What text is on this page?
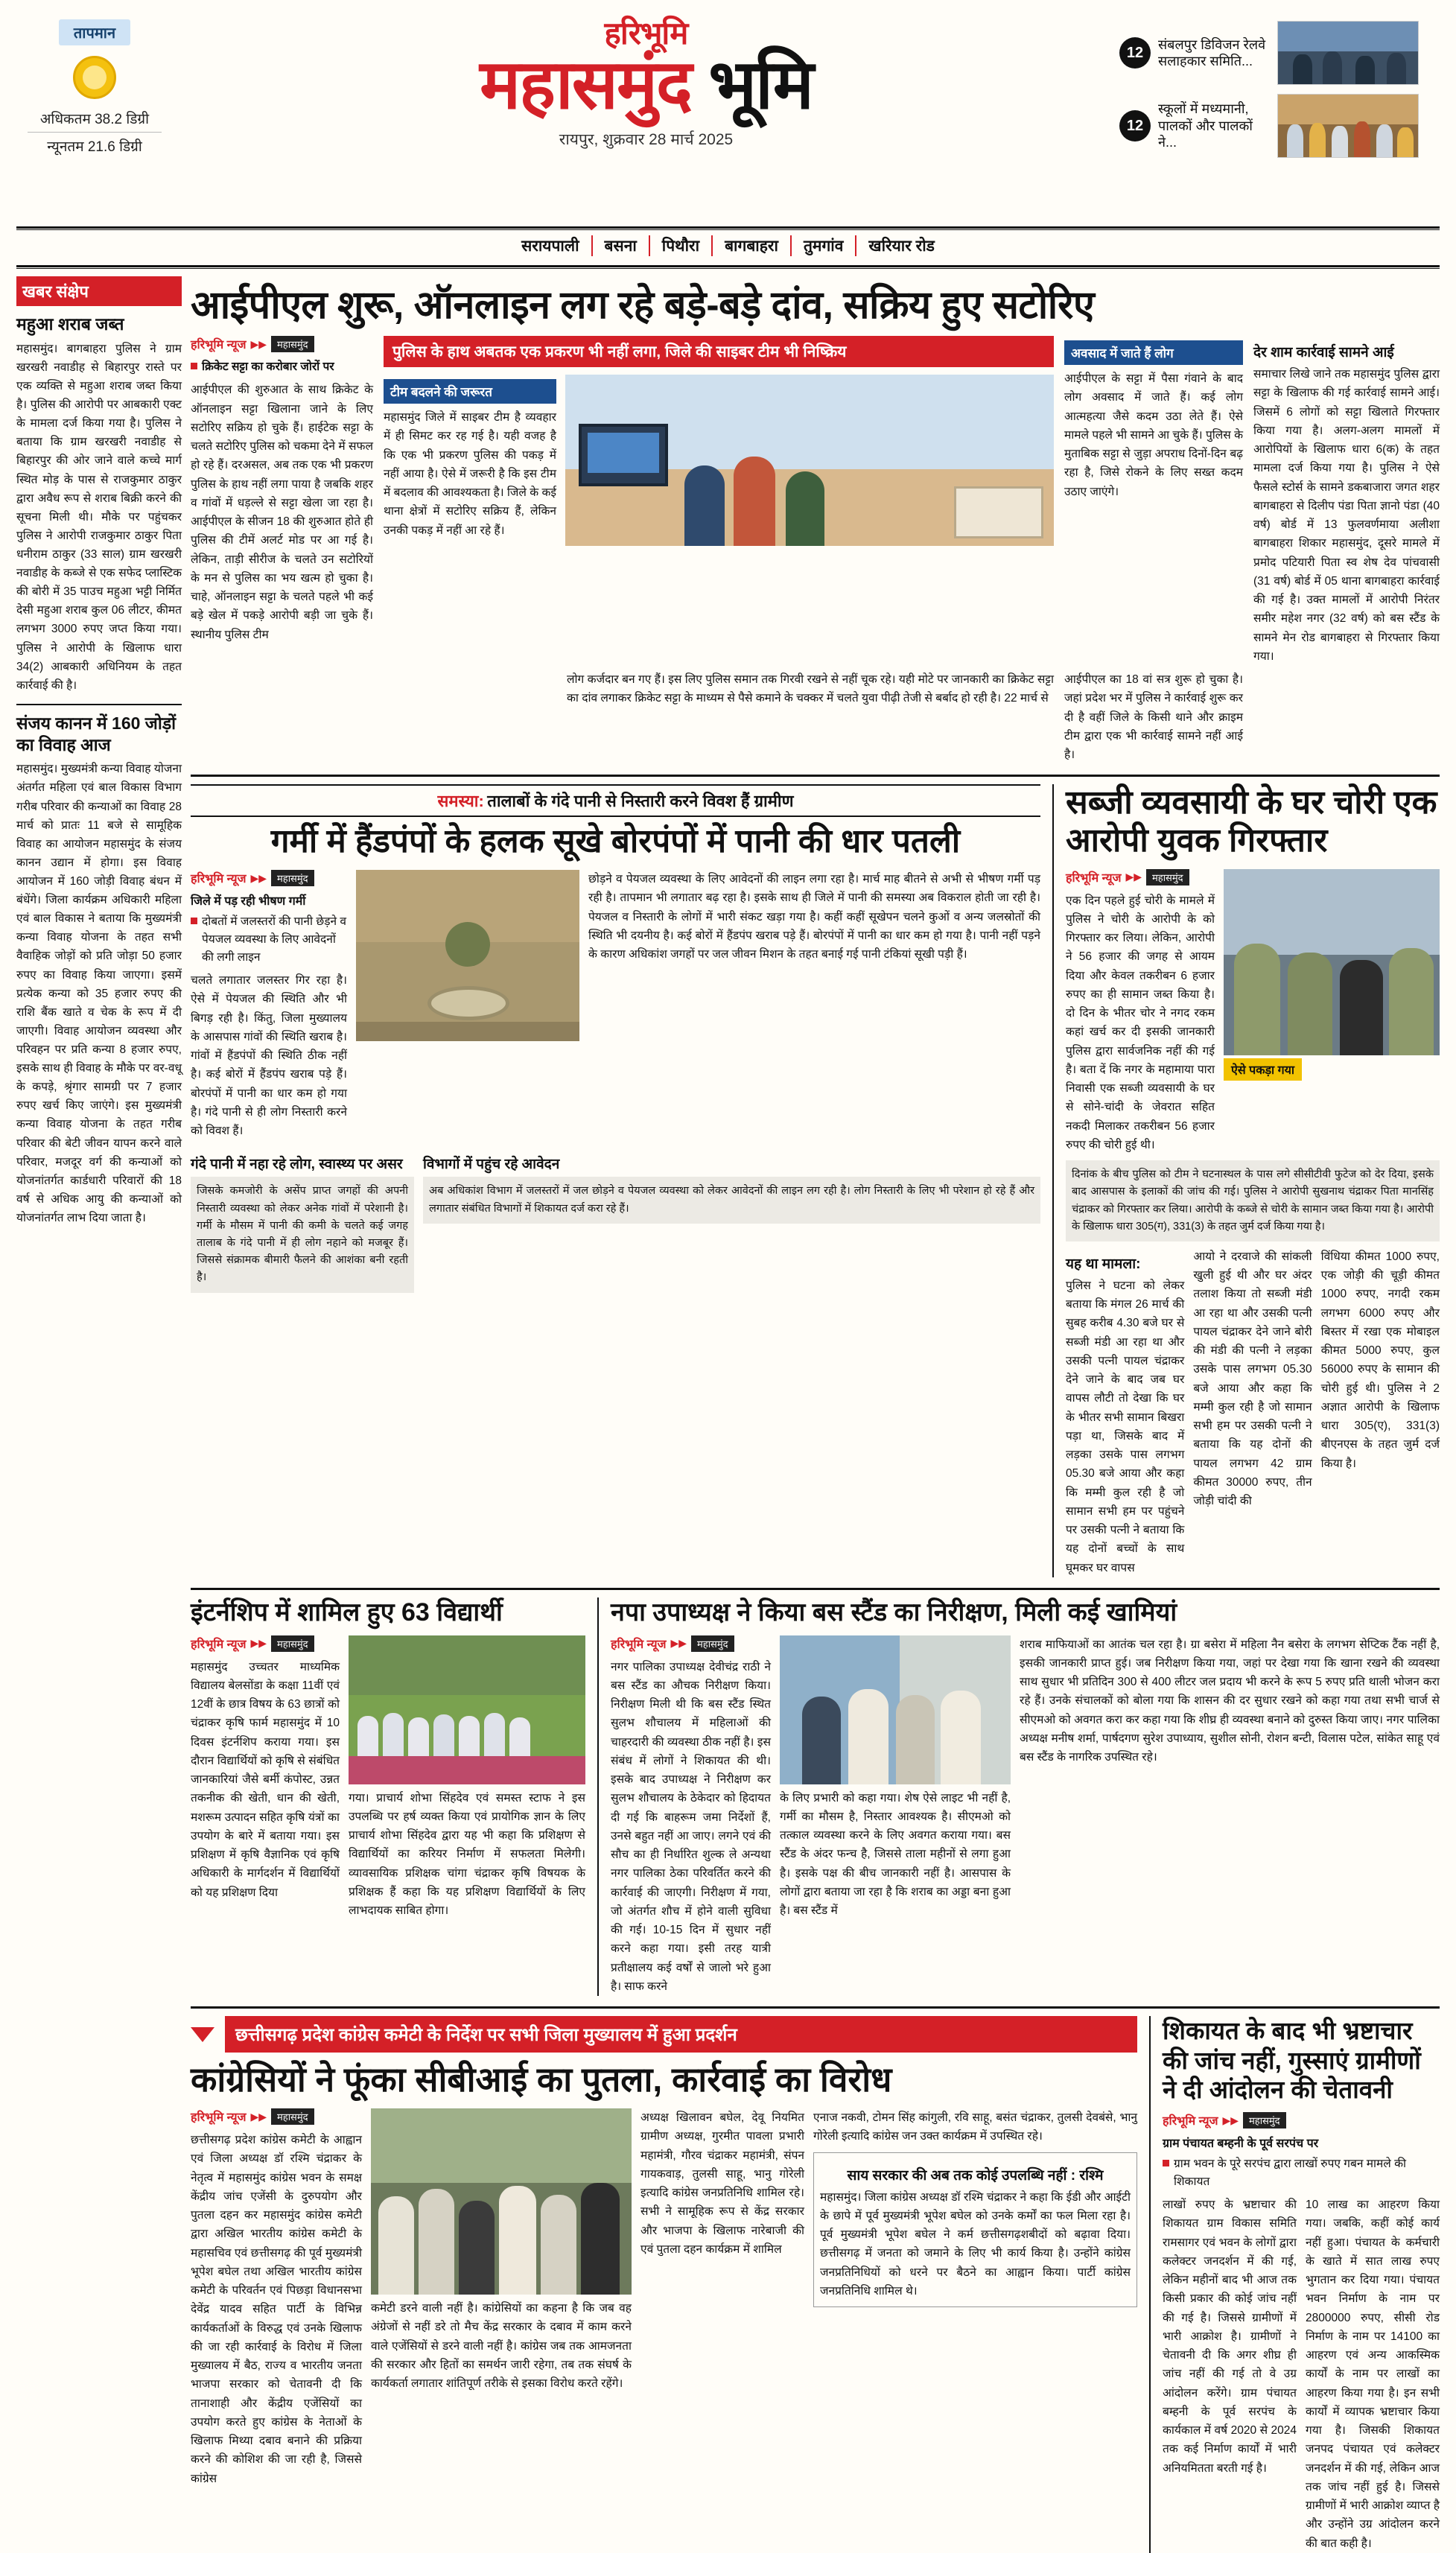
तापमान
अधिकतम 38.2 डिग्री
न्यूनतम 21.6 डिग्री
हरिभूमि
महासमुंद भूमि
रायपुर, शुक्रवार 28 मार्च 2025
12	संबलपुर डिविजन रेलवे सलाहकार समिति...
12
स्कूलों में मध्यमानी, पालकों और पालकों ने...
सरायपाली	बसना	पिथौरा	बागबाहरा	तुमगांव	खरियार रोड
खबर संक्षेप
महुआ शराब जब्त
महासमुंद। बागबाहरा पुलिस ने ग्राम खरखरी नवाडीह से बिहारपुर रास्ते पर एक व्यक्ति से महुआ शराब जब्त किया है। पुलिस की आरोपी पर आबकारी एक्ट के मामला दर्ज किया गया है। पुलिस ने बताया कि ग्राम खरखरी नवाडीह से बिहारपुर की ओर जाने वाले कच्चे मार्ग स्थित मोड़ के पास से राजकुमार ठाकुर द्वारा अवैध रूप से शराब बिक्री करने की सूचना मिली थी। मौके पर पहुंचकर पुलिस ने आरोपी राजकुमार ठाकुर पिता धनीराम ठाकुर (33 साल) ग्राम खरखरी नवाडीह के कब्जे से एक सफेद प्लास्टिक की बोरी में 35 पाउच महुआ भट्टी निर्मित देसी महुआ शराब कुल 06 लीटर, कीमत लगभग 3000 रुपए जप्त किया गया। पुलिस ने आरोपी के खिलाफ धारा 34(2) आबकारी अधिनियम के तहत कार्रवाई की है।
संजय कानन में 160 जोड़ों का विवाह आज
महासमुंद। मुख्यमंत्री कन्या विवाह योजना अंतर्गत महिला एवं बाल विकास विभाग गरीब परिवार की कन्याओं का विवाह 28 मार्च को प्रातः 11 बजे से सामूहिक विवाह का आयोजन महासमुंद के संजय कानन उद्यान में होगा। इस विवाह आयोजन में 160 जोड़ी विवाह बंधन में बंधेंगे। जिला कार्यक्रम अधिकारी महिला एवं बाल विकास ने बताया कि मुख्यमंत्री कन्या विवाह योजना के तहत सभी वैवाहिक जोड़ों को प्रति जोड़ा 50 हजार रुपए का विवाह किया जाएगा। इसमें प्रत्येक कन्या को 35 हजार रुपए की राशि बैंक खाते व चेक के रूप में दी जाएगी। विवाह आयोजन व्यवस्था और परिवहन पर प्रति कन्या 8 हजार रुपए, इसके साथ ही विवाह के मौके पर वर-वधू के कपड़े, श्रृंगार सामग्री पर 7 हजार रुपए खर्च किए जाएंगे। इस मुख्यमंत्री कन्या विवाह योजना के तहत गरीब परिवार की बेटी जीवन यापन करने वाले परिवार, मजदूर वर्ग की कन्याओं को योजनांतर्गत कार्डधारी परिवारों की 18 वर्ष से अधिक आयु की कन्याओं को योजनांतर्गत लाभ दिया जाता है।
आईपीएल शुरू, ऑनलाइन लग रहे बड़े-बड़े दांव, सक्रिय हुए सटोरिए
हरिभूमि न्यूज ▶▶	महासमुंद
क्रिकेट सट्टा का करोबार जोरों पर
आईपीएल की शुरुआत के साथ क्रिकेट के ऑनलाइन सट्टा खिलाना जाने के लिए सटोरिए सक्रिय हो चुके हैं। हाईटेक सट्टा के चलते सटोरिए पुलिस को चकमा देने में सफल हो रहे हैं। दरअसल, अब तक एक भी प्रकरण पुलिस के हाथ नहीं लगा पाया है जबकि शहर व गांवों में धड़ल्ले से सट्टा खेला जा रहा है। आईपीएल के सीजन 18 की शुरुआत होते ही पुलिस की टीमें अलर्ट मोड पर आ गई है। लेकिन, ताड़ी सीरीज के चलते उन सटोरियों के मन से पुलिस का भय खत्म हो चुका है। चाहे, ऑनलाइन सट्टा के चलते पहले भी कई बड़े खेल में पकड़े आरोपी बड़ी जा चुके हैं। स्थानीय पुलिस टीम
पुलिस के हाथ अबतक एक प्रकरण भी नहीं लगा, जिले की साइबर टीम भी निष्क्रिय
टीम बदलने की जरूरत
महासमुंद जिले में साइबर टीम है व्यवहार में ही सिमट कर रह गई है। यही वजह है कि एक भी प्रकरण पुलिस की पकड़ में नहीं आया है। ऐसे में जरूरी है कि इस टीम में बदलाव की आवश्यकता है। जिले के कई थाना क्षेत्रों में सटोरिए सक्रिय हैं, लेकिन उनकी पकड़ में नहीं आ रहे हैं।
अवसाद में जाते हैं लोग
आईपीएल के सट्टा में पैसा गंवाने के बाद लोग अवसाद में जाते हैं। कई लोग आत्महत्या जैसे कदम उठा लेते हैं। ऐसे मामले पहले भी सामने आ चुके हैं। पुलिस के मुताबिक सट्टा से जुड़ा अपराध दिनों-दिन बढ़ रहा है, जिसे रोकने के लिए सख्त कदम उठाए जाएंगे।
देर शाम कार्रवाई सामने आई
समाचार लिखे जाने तक महासमुंद पुलिस द्वारा सट्टा के खिलाफ की गई कार्रवाई सामने आई। जिसमें 6 लोगों को सट्टा खिलाते गिरफ्तार किया गया है। अलग-अलग मामलों में आरोपियों के खिलाफ धारा 6(क) के तहत मामला दर्ज किया गया है। पुलिस ने ऐसे फैसले स्टोर्स के सामने डकबाजारा जगत शहर बागबाहरा से दिलीप पंडा पिता ज्ञानो पंडा (40 वर्ष) बोर्ड में 13 फुलवर्णमाया अलीशा बागबाहरा शिकार महासमुंद, दूसरे मामले में प्रमोद पटियारी पिता स्व शेष देव पांचवासी (31 वर्ष) बोर्ड में 05 थाना बागबाहरा कार्रवाई की गई है। उक्त मामलों में आरोपी निरंतर समीर महेश नगर (32 वर्ष) को बस स्टैंड के सामने मेन रोड बागबाहरा से गिरफ्तार किया गया।
लोग कर्जदार बन गए हैं। इस लिए पुलिस समान तक गिरवी रखने से नहीं चूक रहे। यही मोटे पर जानकारी का क्रिकेट सट्टा का दांव लगाकर क्रिकेट सट्टा के माध्यम से पैसे कमाने के चक्कर में चलते युवा पीढ़ी तेजी से बर्बाद हो रही है। 22 मार्च से
आईपीएल का 18 वां सत्र शुरू हो चुका है। जहां प्रदेश भर में पुलिस ने कार्रवाई शुरू कर दी है वहीं जिले के किसी थाने और क्राइम टीम द्वारा एक भी कार्रवाई सामने नहीं आई है।
समस्या: तालाबों के गंदे पानी से निस्तारी करने विवश हैं ग्रामीण
गर्मी में हैंडपंपों के हलक सूखे बोरपंपों में पानी की धार पतली
हरिभूमि न्यूज ▶▶	महासमुंद
जिले में पड़ रही भीषण गर्मी
दोबतों में जलस्तरों की पानी छेड़ने व पेयजल व्यवस्था के लिए आवेदनों की लगी लाइन
चलते लगातार जलस्तर गिर रहा है। ऐसे में पेयजल की स्थिति और भी बिगड़ रही है। किंतु, जिला मुख्यालय के आसपास गांवों की स्थिति खराब है। गांवों में हैंडपंपों की स्थिति ठीक नहीं है। कई बोरों में हैंडपंप खराब पड़े हैं। बोरपंपों में पानी का धार कम हो गया है। गंदे पानी से ही लोग निस्तारी करने को विवश हैं।
छोड़ने व पेयजल व्यवस्था के लिए आवेदनों की लाइन लगा रहा है। मार्च माह बीतने से अभी से भीषण गर्मी पड़ रही है। तापमान भी लगातार बढ़ रहा है। इसके साथ ही जिले में पानी की समस्या अब विकराल होती जा रही है। पेयजल व निस्तारी के लोगों में भारी संकट खड़ा गया है। कहीं कहीं सूखेपन चलने कुओं व अन्य जलस्रोतों की स्थिति भी दयनीय है। कई बोरों में हैंडपंप खराब पड़े हैं। बोरपंपों में पानी का धार कम हो गया है। पानी नहीं पड़ने के कारण अधिकांश जगहों पर जल जीवन मिशन के तहत बनाई गई पानी टंकियां सूखी पड़ी हैं।
गंदे पानी में नहा रहे लोग, स्वास्थ्य पर असर
जिसके कमजोरी के असेंप प्राप्त जगहों की अपनी निस्तारी व्यवस्था को लेकर अनेक गांवों में परेशानी है। गर्मी के मौसम में पानी की कमी के चलते कई जगह तालाब के गंदे पानी में ही लोग नहाने को मजबूर हैं। जिससे संक्रामक बीमारी फैलने की आशंका बनी रहती है।
विभागों में पहुंच रहे आवेदन
अब अधिकांश विभाग में जलस्तरों में जल छोड़ने व पेयजल व्यवस्था को लेकर आवेदनों की लाइन लग रही है। लोग निस्तारी के लिए भी परेशान हो रहे हैं और लगातार संबंधित विभागों में शिकायत दर्ज करा रहे हैं।
सब्जी व्यवसायी के घर चोरी एक आरोपी युवक गिरफ्तार
हरिभूमि न्यूज ▶▶	महासमुंद
एक दिन पहले हुई चोरी के मामले में पुलिस ने चोरी के आरोपी के को गिरफ्तार कर लिया। लेकिन, आरोपी ने 56 हजार की जगह से आयम दिया और केवल तकरीबन 6 हजार रुपए का ही सामान जब्त किया है। दो दिन के भीतर चोर ने नगद रकम कहां खर्च कर दी इसकी जानकारी पुलिस द्वारा सार्वजनिक नहीं की गई है। बता दें कि नगर के महामाया पारा निवासी एक सब्जी व्यवसायी के घर से सोने-चांदी के जेवरात सहित नकदी मिलाकर तकरीबन 56 हजार रुपए की चोरी हुई थी।
ऐसे पकड़ा गया
दिनांक के बीच पुलिस को टीम ने घटनास्थल के पास लगे सीसीटीवी फुटेज को देर दिया, इसके बाद आसपास के इलाकों की जांच की गई। पुलिस ने आरोपी सुखनाथ चंद्राकर पिता मानसिंह चंद्राकर को गिरफ्तार कर लिया। आरोपी के कब्जे से चोरी के सामान जब्त किया गया है। आरोपी के खिलाफ धारा 305(ग), 331(3) के तहत जुर्म दर्ज किया गया है।
यह था मामला:
पुलिस ने घटना को लेकर बताया कि मंगल 26 मार्च की सुबह करीब 4.30 बजे घर से सब्जी मंडी आ रहा था और उसकी पत्नी पायल चंद्राकर देने जाने के बाद जब घर वापस लौटी तो देखा कि घर के भीतर सभी सामान बिखरा पड़ा था, जिसके बाद में लड़का उसके पास लगभग 05.30 बजे आया और कहा कि मम्मी कुल रही है जो सामान सभी हम पर पहुंचने पर उसकी पत्नी ने बताया कि यह दोनों बच्चों के साथ घूमकर घर वापस
आयो ने दरवाजे की सांकली खुली हुई थी और घर अंदर तलाश किया तो सब्जी मंडी आ रहा था और उसकी पत्नी पायल चंद्राकर देने जाने बोरी की मंडी की पत्नी ने लड़का उसके पास लगभग 05.30 बजे आया और कहा कि मम्मी कुल रही है जो सामान सभी हम पर उसकी पत्नी ने बताया कि यह दोनों की पायल लगभग 42 ग्राम कीमत 30000 रुपए, तीन जोड़ी चांदी की
विंधिया कीमत 1000 रुपए, एक जोड़ी की चूड़ी कीमत 1000 रुपए, नगदी रकम लगभग 6000 रुपए और बिस्तर में रखा एक मोबाइल कीमत 5000 रुपए, कुल 56000 रुपए के सामान की चोरी हुई थी। पुलिस ने 2 अज्ञात आरोपी के खिलाफ धारा 305(ए), 331(3) बीएनएस के तहत जुर्म दर्ज किया है।
इंटर्नशिप में शामिल हुए 63 विद्यार्थी
हरिभूमि न्यूज ▶▶	महासमुंद
महासमुंद उच्चतर माध्यमिक विद्यालय बेलसोंडा के कक्षा 11वीं एवं 12वीं के छात्र विषय के 63 छात्रों को चंद्राकर कृषि फार्म महासमुंद में 10 दिवस इंटर्नशिप कराया गया। इस दौरान विद्यार्थियों को कृषि से संबंधित जानकारियां जैसे बर्मी कंपोस्ट, उन्नत तकनीक की खेती, धान की खेती, मशरूम उत्पादन सहित कृषि यंत्रों का उपयोग के बारे में बताया गया। इस प्रशिक्षण में कृषि वैज्ञानिक एवं कृषि अधिकारी के मार्गदर्शन में विद्यार्थियों को यह प्रशिक्षण दिया
गया। प्राचार्य शोभा सिंहदेव एवं समस्त स्टाफ ने इस उपलब्धि पर हर्ष व्यक्त किया एवं प्रायोगिक ज्ञान के लिए प्राचार्य शोभा सिंहदेव द्वारा यह भी कहा कि प्रशिक्षण से विद्यार्थियों का करियर निर्माण में सफलता मिलेगी। व्यावसायिक प्रशिक्षक चांगा चंद्राकर कृषि विषयक के प्रशिक्षक हैं कहा कि यह प्रशिक्षण विद्यार्थियों के लिए लाभदायक साबित होगा।
नपा उपाध्यक्ष ने किया बस स्टैंड का निरीक्षण, मिली कई खामियां
हरिभूमि न्यूज ▶▶	महासमुंद
नगर पालिका उपाध्यक्ष देवीचंद्र राठी ने बस स्टैंड का औचक निरीक्षण किया। निरीक्षण मिली थी कि बस स्टैंड स्थित सुलभ शौचालय में महिलाओं की चाहरदारी की व्यवस्था ठीक नहीं है। इस संबंध में लोगों ने शिकायत की थी। इसके बाद उपाध्यक्ष ने निरीक्षण कर सुलभ शौचालय के ठेकेदार को हिदायत दी गई कि बाहरूम जमा निर्देशों हैं, उनसे बहुत नहीं आ जाए। लगने एवं की सौच का ही निर्धारित शुल्क ले अन्यथा नगर पालिका ठेका परिवर्तित करने की कार्रवाई की जाएगी। निरीक्षण में गया, जो अंतर्गत शौच में होने वाली सुविधा की गई। 10-15 दिन में सुधार नहीं करने कहा गया। इसी तरह यात्री प्रतीक्षालय कई वर्षों से जालो भरे हुआ है। साफ करने
के लिए प्रभारी को कहा गया। शेष ऐसे लाइट भी नहीं है, गर्मी का मौसम है, निस्तार आवश्यक है। सीएमओ को तत्काल व्यवस्था करने के लिए अवगत कराया गया। बस स्टैंड के अंदर फन्च है, जिससे ताला महीनों से लगा हुआ है। इसके पक्ष की बीच जानकारी नहीं है। आसपास के लोगों द्वारा बताया जा रहा है कि शराब का अड्डा बना हुआ है। बस स्टैंड में
शराब माफियाओं का आतंक चल रहा है। ग्रा बसेरा में महिला नैन बसेरा के लगभग सेप्टिक टैंक नहीं है, इसकी जानकारी प्राप्त हुई। जब निरीक्षण किया गया, जहां पर देखा गया कि खाना रखने की व्यवस्था साथ सुधार भी प्रतिदिन 300 से 400 लीटर जल प्रदाय भी करने के रूप 5 रुपए प्रति थाली भोजन करा रहे हैं। उनके संचालकों को बोला गया कि शासन की दर सुधार रखने को कहा गया तथा सभी चार्ज से सीएमओ को अवगत करा कर कहा गया कि शीघ्र ही व्यवस्था बनाने को दुरुस्त किया जाए। नगर पालिका अध्यक्ष मनीष शर्मा, पार्षदगण सुरेश उपाध्याय, सुशील सोनी, रोशन बन्टी, विलास पटेल, सांकेत साहू एवं बस स्टैंड के नागरिक उपस्थित रहे।
छत्तीसगढ़ प्रदेश कांग्रेस कमेटी के निर्देश पर सभी जिला मुख्यालय में हुआ प्रदर्शन
कांग्रेसियों ने फूंका सीबीआई का पुतला, कार्रवाई का विरोध
हरिभूमि न्यूज ▶▶	महासमुंद
छत्तीसगढ़ प्रदेश कांग्रेस कमेटी के आह्वान एवं जिला अध्यक्ष डॉ रश्मि चंद्राकर के नेतृत्व में महासमुंद कांग्रेस भवन के समक्ष केंद्रीय जांच एजेंसी के दुरुपयोग और पुतला दहन कर महासमुंद कांग्रेस कमेटी द्वारा अखिल भारतीय कांग्रेस कमेटी के महासचिव एवं छत्तीसगढ़ की पूर्व मुख्यमंत्री भूपेश बघेल तथा अखिल भारतीय कांग्रेस कमेटी के परिवर्तन एवं पिछड़ा विधानसभा देवेंद्र यादव सहित पार्टी के विभिन्न कार्यकर्ताओं के विरुद्ध एवं उनके खिलाफ की जा रही कार्रवाई के विरोध में जिला मुख्यालय में बैठ, राज्य व भारतीय जनता भाजपा सरकार को चेतावनी दी कि तानाशाही और केंद्रीय एजेंसियों का उपयोग करते हुए कांग्रेस के नेताओं के खिलाफ मिथ्या दबाव बनाने की प्रक्रिया करने की कोशिश की जा रही है, जिससे कांग्रेस
कमेटी डरने वाली नहीं है। कांग्रेसियों का कहना है कि जब वह अंग्रेजों से नहीं डरे तो मैच केंद्र सरकार के दबाव में काम करने वाले एजेंसियों से डरने वाली नहीं है। कांग्रेस जब तक आमजनता की सरकार और हितों का समर्थन जारी रहेगा, तब तक संघर्ष के कार्यकर्ता लगातार शांतिपूर्ण तरीके से इसका विरोध करते रहेंगे।
अध्यक्ष खिलावन बघेल, देवू नियमित ग्रामीण अध्यक्ष, गुरमीत पावला प्रभारी महामंत्री, गौरव चंद्राकर महामंत्री, संपन गायकवाड़, तुलसी साहू, भानु गोरेली इत्यादि कांग्रेस जनप्रतिनिधि शामिल रहे। सभी ने सामूहिक रूप से केंद्र सरकार और भाजपा के खिलाफ नारेबाजी की एवं पुतला दहन कार्यक्रम में शामिल
एनाज नकवी, टोमन सिंह कांगुली, रवि साहू, बसंत चंद्राकर, तुलसी देवबंसे, भानु गोरेली इत्यादि कांग्रेस जन उक्त कार्यक्रम में उपस्थित रहे।
साय सरकार की अब तक कोई उपलब्धि नहीं : रश्मि
महासमुंद। जिला कांग्रेस अध्यक्ष डॉ रश्मि चंद्राकर ने कहा कि ईडी और आईटी के छापे में पूर्व मुख्यमंत्री भूपेश बघेल को उनके कर्मों का फल मिला रहा है। पूर्व मुख्यमंत्री भूपेश बघेल ने कर्म छत्तीसगढ़शबीदों को बढ़ावा दिया। छत्तीसगढ़ में जनता को जमाने के लिए भी कार्य किया है। उन्होंने कांग्रेस जनप्रतिनिधियों को धरने पर बैठने का आह्वान किया। पार्टी कांग्रेस जनप्रतिनिधि शामिल थे।
शिकायत के बाद भी भ्रष्टाचार की जांच नहीं, गुस्साएं ग्रामीणों ने दी आंदोलन की चेतावनी
हरिभूमि न्यूज ▶▶	महासमुंद
ग्राम पंचायत बम्हनी के पूर्व सरपंच पर
ग्राम भवन के पूरे सरपंच द्वारा लाखों रुपए गबन मामले की शिकायत
लाखों रुपए के भ्रष्टाचार की शिकायत ग्राम विकास समिति रामसागर एवं भवन के लोगों द्वारा कलेक्टर जनदर्शन में की गई, लेकिन महीनों बाद भी आज तक किसी प्रकार की कोई जांच नहीं की गई है। जिससे ग्रामीणों में भारी आक्रोश है। ग्रामीणों ने चेतावनी दी कि अगर शीघ्र ही जांच नहीं की गई तो वे उग्र आंदोलन करेंगे। ग्राम पंचायत बम्हनी के पूर्व सरपंच के कार्यकाल में वर्ष 2020 से 2024 तक कई निर्माण कार्यों में भारी अनियमितता बरती गई है।
10 लाख का आहरण किया गया। जबकि, कहीं कोई कार्य नहीं हुआ। पंचायत के कर्मचारी के खाते में सात लाख रुपए भुगतान कर दिया गया। पंचायत भवन निर्माण के नाम पर 2800000 रुपए, सीसी रोड निर्माण के नाम पर 14100 का आहरण एवं अन्य आकस्मिक कार्यों के नाम पर लाखों का आहरण किया गया है। इन सभी कार्यों में व्यापक भ्रष्टाचार किया गया है। जिसकी शिकायत जनपद पंचायत एवं कलेक्टर जनदर्शन में की गई, लेकिन आज तक जांच नहीं हुई है। जिससे ग्रामीणों में भारी आक्रोश व्याप्त है और उन्होंने उग्र आंदोलन करने की बात कही है।
